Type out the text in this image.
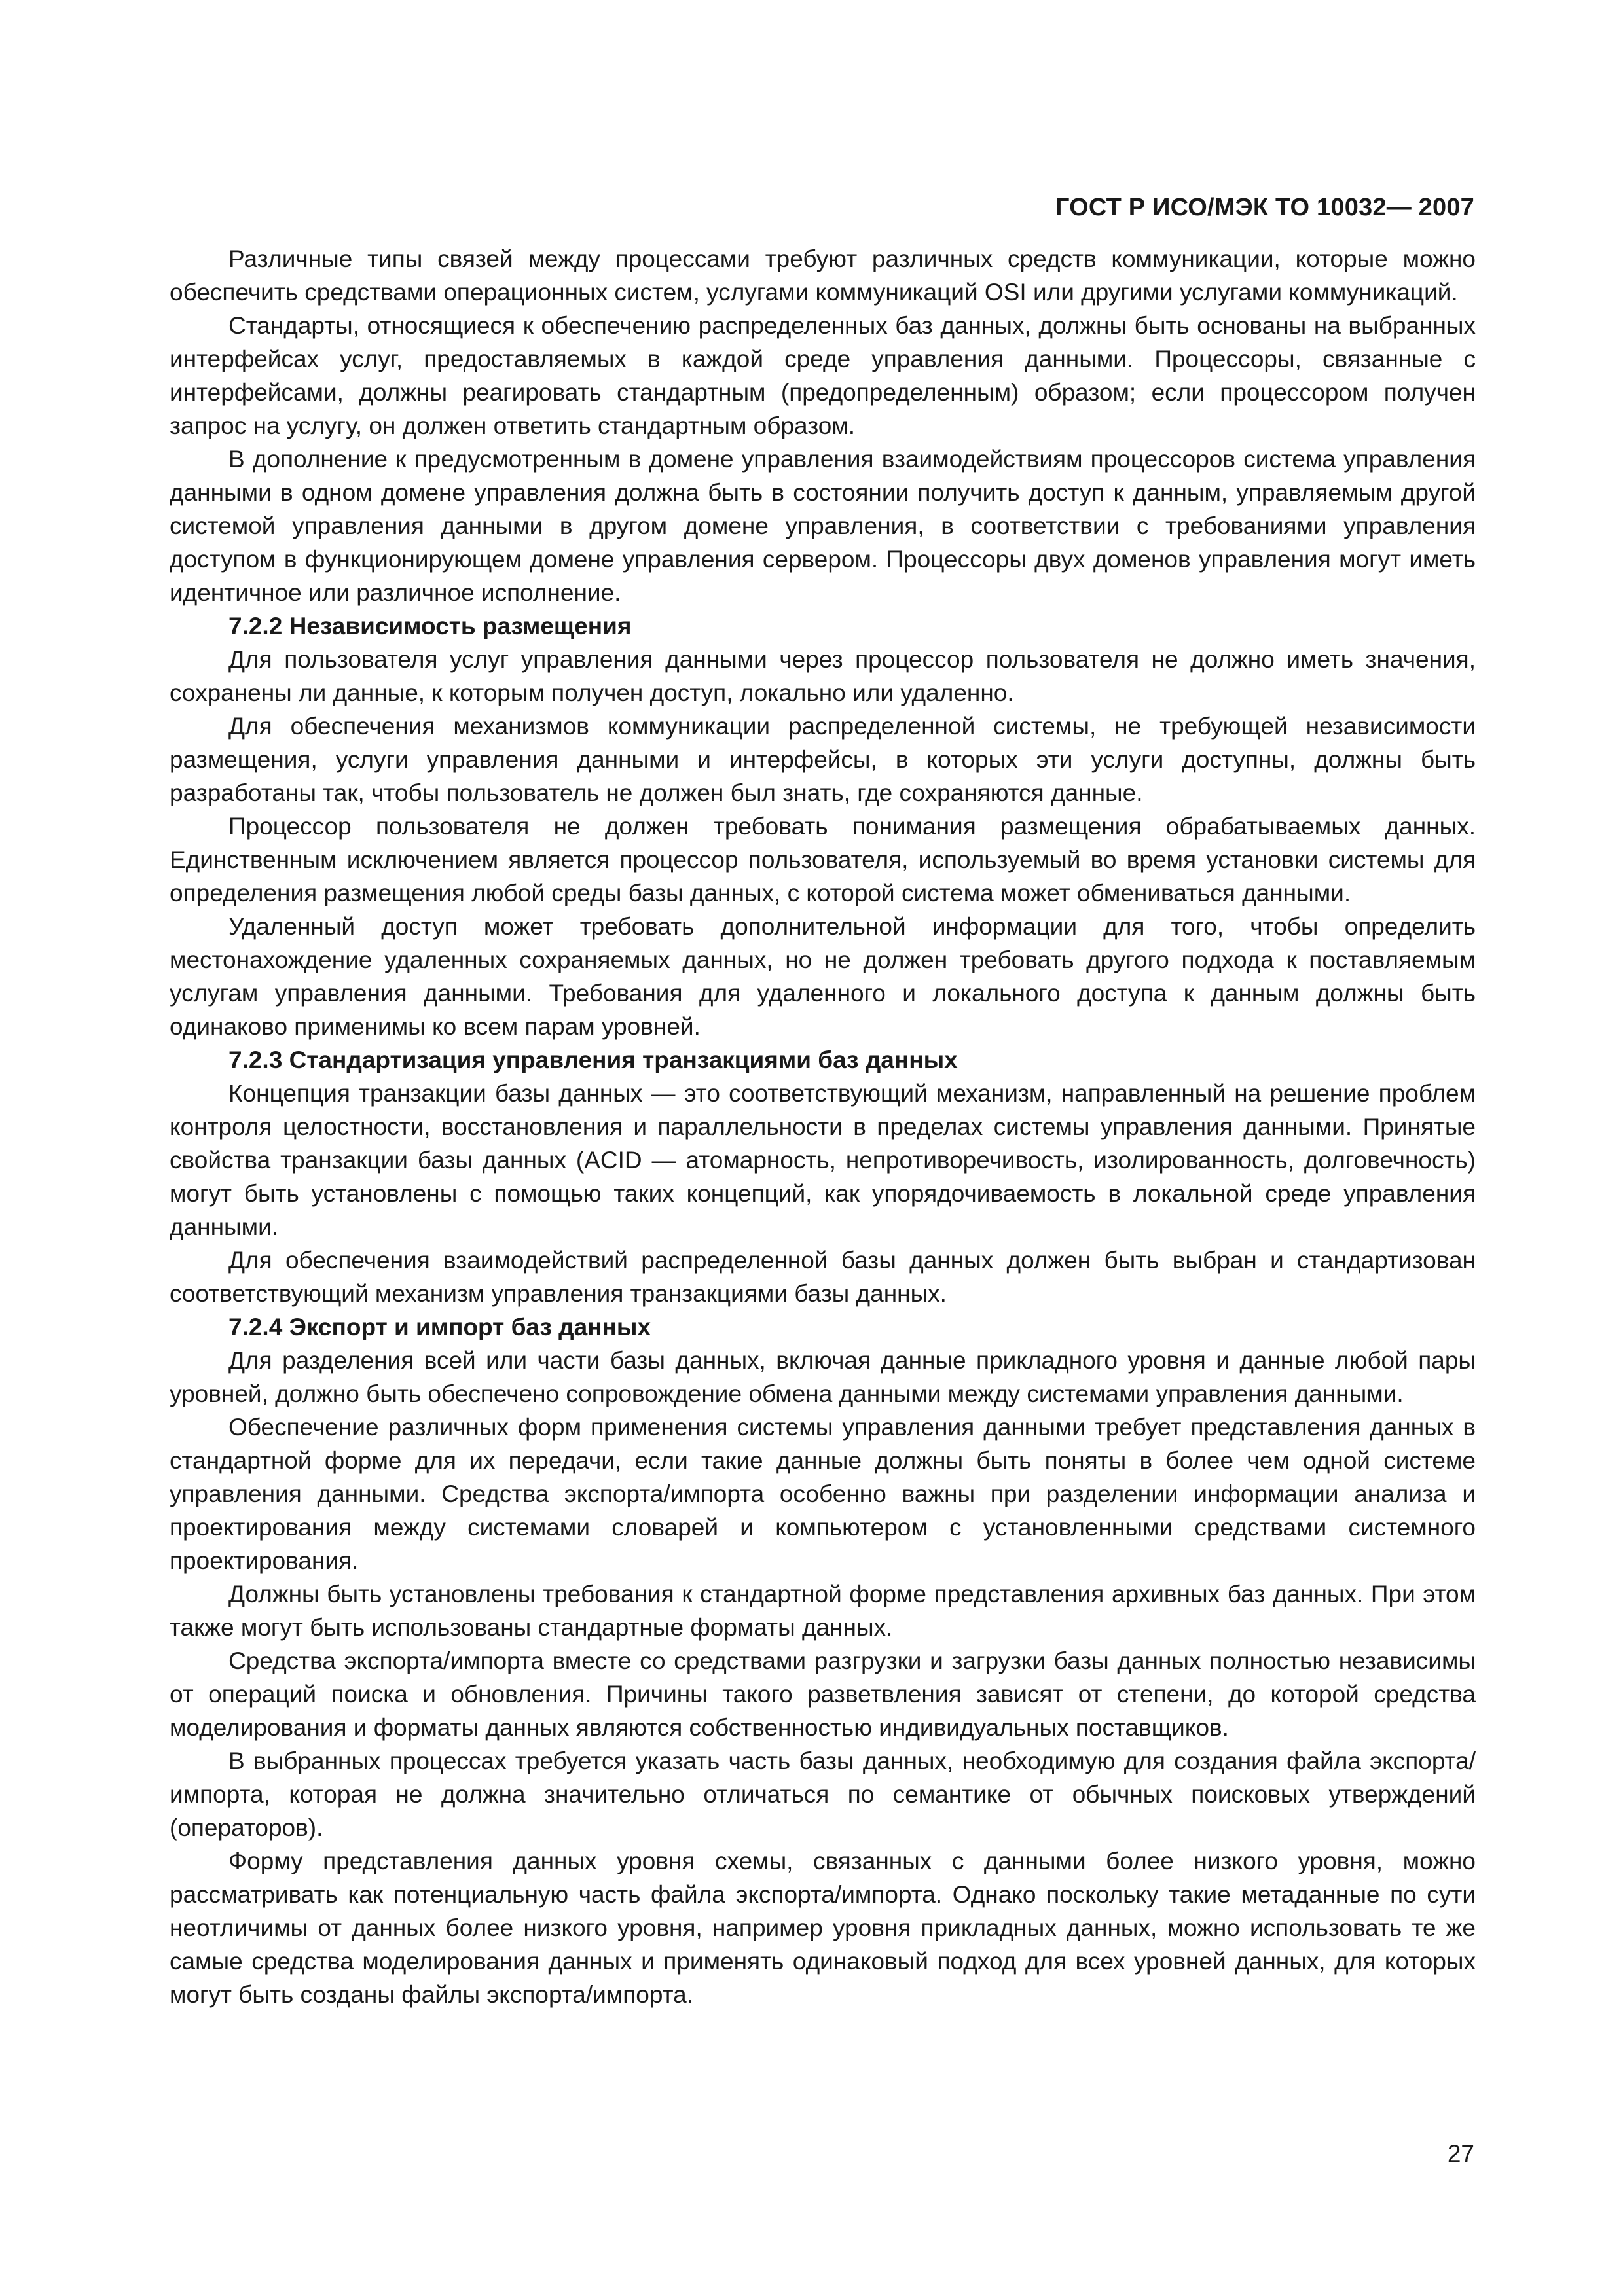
ГОСТ Р ИСО/МЭК ТО 10032— 2007

Различные типы связей между процессами требуют различных средств коммуникации, которые можно обеспечить средствами операционных систем, услугами коммуникаций OSI или другими услугами коммуникаций.

Стандарты, относящиеся к обеспечению распределенных баз данных, должны быть основаны на выбранных интерфейсах услуг, предоставляемых в каждой среде управления данными. Процессоры, связанные с интерфейсами, должны реагировать стандартным (предопределенным) образом; если процессором получен запрос на услугу, он должен ответить стандартным образом.

В дополнение к предусмотренным в домене управления взаимодействиям процессоров система управления данными в одном домене управления должна быть в состоянии получить доступ к данным, управляемым другой системой управления данными в другом домене управления, в соответствии с требованиями управления доступом в функционирующем домене управления сервером. Процессоры двух доменов управления могут иметь идентичное или различное исполнение.

7.2.2 Независимость размещения

Для пользователя услуг управления данными через процессор пользователя не должно иметь значения, сохранены ли данные, к которым получен доступ, локально или удаленно.

Для обеспечения механизмов коммуникации распределенной системы, не требующей независимости размещения, услуги управления данными и интерфейсы, в которых эти услуги доступны, должны быть разработаны так, чтобы пользователь не должен был знать, где сохраняются данные.

Процессор пользователя не должен требовать понимания размещения обрабатываемых данных. Единственным исключением является процессор пользователя, используемый во время установки системы для определения размещения любой среды базы данных, с которой система может обмениваться данными.

Удаленный доступ может требовать дополнительной информации для того, чтобы определить местонахождение удаленных сохраняемых данных, но не должен требовать другого подхода к поставляемым услугам управления данными. Требования для удаленного и локального доступа к данным должны быть одинаково применимы ко всем парам уровней.

7.2.3 Стандартизация управления транзакциями баз данных

Концепция транзакции базы данных — это соответствующий механизм, направленный на решение проблем контроля целостности, восстановления и параллельности в пределах системы управления данными. Принятые свойства транзакции базы данных (ACID — атомарность, непротиворечивость, изолированность, долговечность) могут быть установлены с помощью таких концепций, как упорядочиваемость в локальной среде управления данными.

Для обеспечения взаимодействий распределенной базы данных должен быть выбран и стандартизован соответствующий механизм управления транзакциями базы данных.

7.2.4 Экспорт и импорт баз данных

Для разделения всей или части базы данных, включая данные прикладного уровня и данные любой пары уровней, должно быть обеспечено сопровождение обмена данными между системами управления данными.

Обеспечение различных форм применения системы управления данными требует представления данных в стандартной форме для их передачи, если такие данные должны быть поняты в более чем одной системе управления данными. Средства экспорта/импорта особенно важны при разделении информации анализа и проектирования между системами словарей и компьютером с установленными средствами системного проектирования.

Должны быть установлены требования к стандартной форме представления архивных баз данных. При этом также могут быть использованы стандартные форматы данных.

Средства экспорта/импорта вместе со средствами разгрузки и загрузки базы данных полностью независимы от операций поиска и обновления. Причины такого разветвления зависят от степени, до которой средства моделирования и форматы данных являются собственностью индивидуальных поставщиков.

В выбранных процессах требуется указать часть базы данных, необходимую для создания файла экспорта/импорта, которая не должна значительно отличаться по семантике от обычных поисковых утверждений (операторов).

Форму представления данных уровня схемы, связанных с данными более низкого уровня, можно рассматривать как потенциальную часть файла экспорта/импорта. Однако поскольку такие метаданные по сути неотличимы от данных более низкого уровня, например уровня прикладных данных, можно использовать те же самые средства моделирования данных и применять одинаковый подход для всех уровней данных, для которых могут быть созданы файлы экспорта/импорта.

27
